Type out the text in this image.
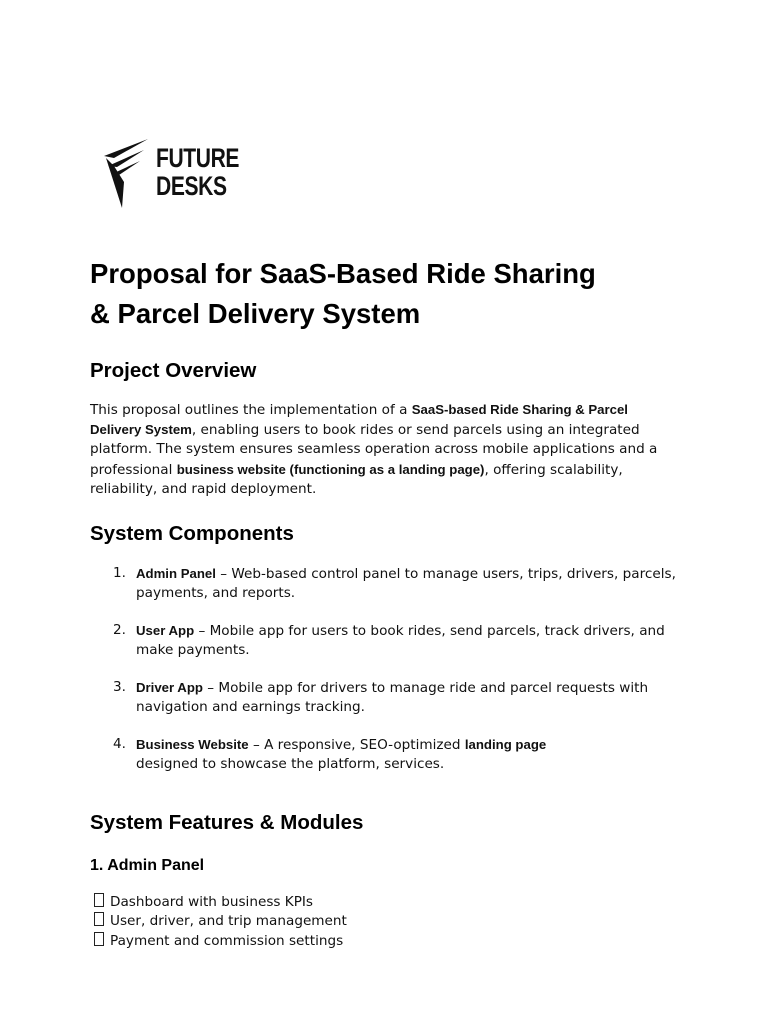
FUTURE
DESKS
Proposal for SaaS-Based Ride Sharing
& Parcel Delivery System
Project Overview

This proposal outlines the implementation of a SaaS-based Ride Sharing & Parcel Delivery System, enabling users to book rides or send parcels using an integrated platform. The system ensures seamless operation across mobile applications and a professional business website (functioning as a landing page), offering scalability, reliability, and rapid deployment.

System Components
1. Admin Panel – Web-based control panel to manage users, trips, drivers, parcels, payments, and reports.
2. User App – Mobile app for users to book rides, send parcels, track drivers, and make payments.
3. Driver App – Mobile app for drivers to manage ride and parcel requests with navigation and earnings tracking.
4. Business Website – A responsive, SEO-optimized landing page
designed to showcase the platform, services.
System Features & Modules
1. Admin Panel
Dashboard with business KPIs
User, driver, and trip management
Payment and commission settings
